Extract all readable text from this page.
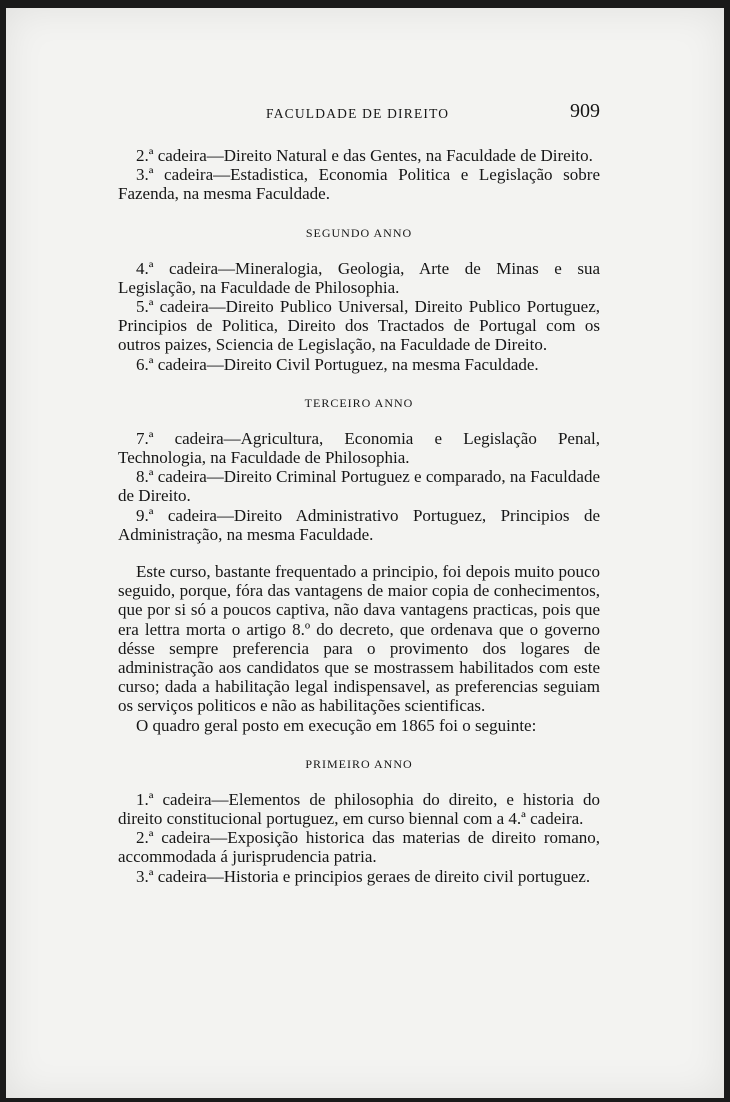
FACULDADE DE DIREITO	909

2.ª cadeira—Direito Natural e das Gentes, na Faculdade de Direito.

3.ª cadeira—Estadistica, Economia Politica e Legislação sobre Fazenda, na mesma Faculdade.

SEGUNDO ANNO

4.ª cadeira—Mineralogia, Geologia, Arte de Minas e sua Legislação, na Faculdade de Philosophia.

5.ª cadeira—Direito Publico Universal, Direito Publico Portuguez, Principios de Politica, Direito dos Tractados de Portugal com os outros paizes, Sciencia de Legislação, na Faculdade de Direito.

6.ª cadeira—Direito Civil Portuguez, na mesma Faculdade.

TERCEIRO ANNO

7.ª cadeira—Agricultura, Economia e Legislação Penal, Technologia, na Faculdade de Philosophia.

8.ª cadeira—Direito Criminal Portuguez e comparado, na Faculdade de Direito.

9.ª cadeira—Direito Administrativo Portuguez, Principios de Administração, na mesma Faculdade.

Este curso, bastante frequentado a principio, foi depois muito pouco seguido, porque, fóra das vantagens de maior copia de conhecimentos, que por si só a poucos captiva, não dava vantagens practicas, pois que era lettra morta o artigo 8.º do decreto, que ordenava que o governo désse sempre preferencia para o provimento dos logares de administração aos candidatos que se mostrassem habilitados com este curso; dada a habilitação legal indispensavel, as preferencias seguiam os serviços politicos e não as habilitações scientificas.

O quadro geral posto em execução em 1865 foi o seguinte:

PRIMEIRO ANNO

1.ª cadeira—Elementos de philosophia do direito, e historia do direito constitucional portuguez, em curso biennal com a 4.ª cadeira.

2.ª cadeira—Exposição historica das materias de direito romano, accommodada á jurisprudencia patria.

3.ª cadeira—Historia e principios geraes de direito civil portuguez.
